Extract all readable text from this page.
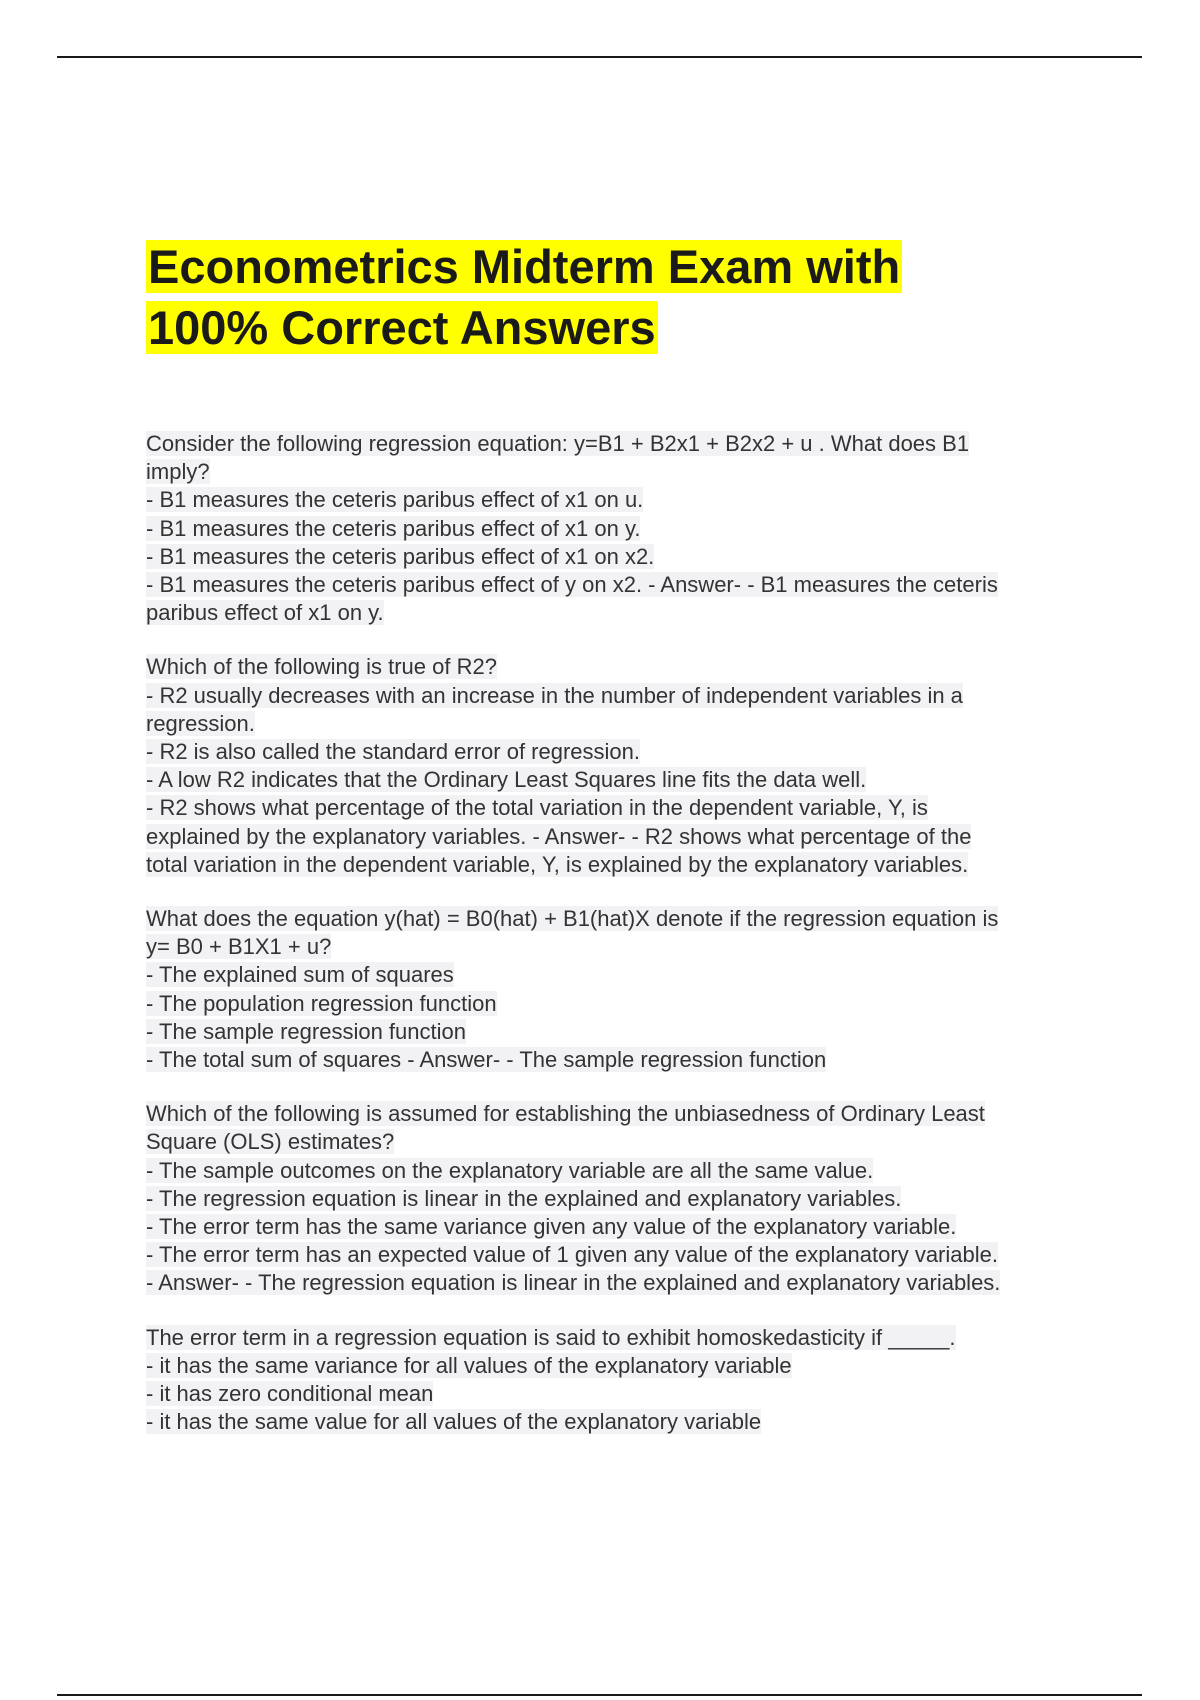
Econometrics Midterm Exam with
100% Correct Answers
Consider the following regression equation: y=B1 + B2x1 + B2x2 + u . What does B1
imply?
- B1 measures the ceteris paribus effect of x1 on u.
- B1 measures the ceteris paribus effect of x1 on y.
- B1 measures the ceteris paribus effect of x1 on x2.
- B1 measures the ceteris paribus effect of y on x2. - Answer- - B1 measures the ceteris
paribus effect of x1 on y.
Which of the following is true of R2?
- R2 usually decreases with an increase in the number of independent variables in a
regression.
- R2 is also called the standard error of regression.
- A low R2 indicates that the Ordinary Least Squares line fits the data well.
- R2 shows what percentage of the total variation in the dependent variable, Y, is
explained by the explanatory variables. - Answer- - R2 shows what percentage of the
total variation in the dependent variable, Y, is explained by the explanatory variables.
What does the equation y(hat) = B0(hat) + B1(hat)X denote if the regression equation is
y= B0 + B1X1 + u?
- The explained sum of squares
- The population regression function
- The sample regression function
- The total sum of squares - Answer- - The sample regression function
Which of the following is assumed for establishing the unbiasedness of Ordinary Least
Square (OLS) estimates?
- The sample outcomes on the explanatory variable are all the same value.
- The regression equation is linear in the explained and explanatory variables.
- The error term has the same variance given any value of the explanatory variable.
- The error term has an expected value of 1 given any value of the explanatory variable.
- Answer- - The regression equation is linear in the explained and explanatory variables.
The error term in a regression equation is said to exhibit homoskedasticity if _____.
- it has the same variance for all values of the explanatory variable
- it has zero conditional mean
- it has the same value for all values of the explanatory variable
